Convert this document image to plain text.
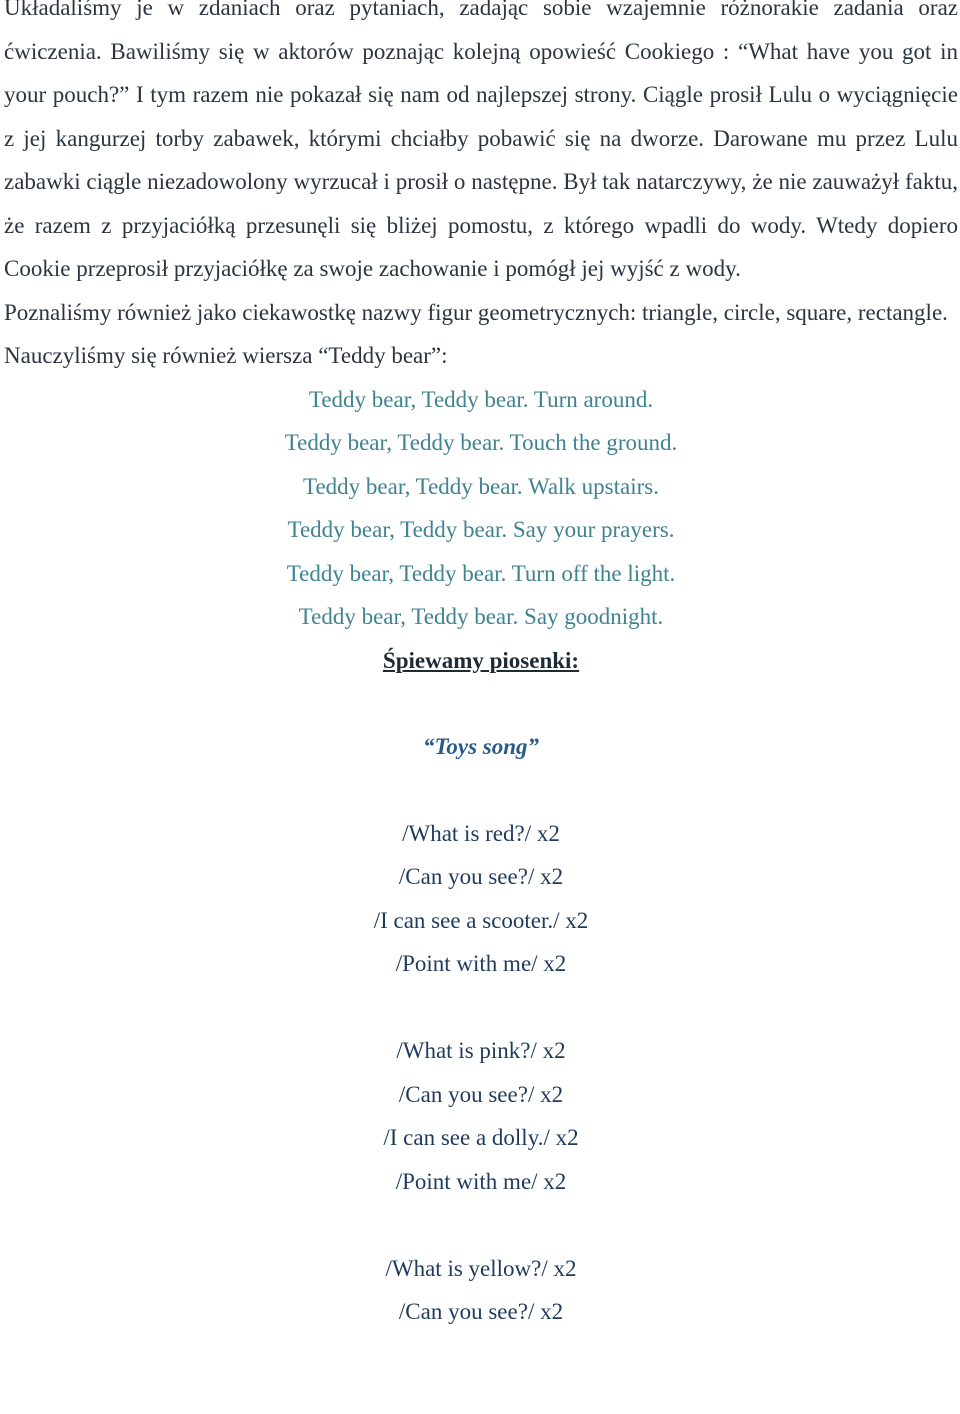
Układaliśmy je w zdaniach oraz pytaniach, zadając sobie wzajemnie różnorakie zadania oraz ćwiczenia. Bawiliśmy się w aktorów poznając kolejną opowieść Cookiego : “What have you got in your pouch?” I tym razem nie pokazał się nam od najlepszej strony. Ciągle prosił Lulu o wyciągnięcie z jej kangurzej torby zabawek, którymi chciałby pobawić się na dworze. Darowane mu przez Lulu zabawki ciągle niezadowolony wyrzucał i prosił o następne. Był tak natarczywy, że nie zauważył faktu, że razem z przyjaciółką przesunęli się bliżej pomostu, z którego wpadli do wody. Wtedy dopiero Cookie przeprosił przyjaciółkę za swoje zachowanie i pomógł jej wyjść z wody.

Poznaliśmy również jako ciekawostkę nazwy figur geometrycznych: triangle, circle, square, rectangle.

Nauczyliśmy się również wiersza “Teddy bear”:

Teddy bear, Teddy bear. Turn around.
Teddy bear, Teddy bear. Touch the ground.
Teddy bear, Teddy bear. Walk upstairs.
Teddy bear, Teddy bear. Say your prayers.
Teddy bear, Teddy bear. Turn off the light.
Teddy bear, Teddy bear. Say goodnight.
Śpiewamy piosenki:
“Toys song”
/What is red?/ x2
/Can you see?/ x2
/I can see a scooter./ x2
/Point with me/ x2
/What is pink?/ x2
/Can you see?/ x2
/I can see a dolly./ x2
/Point with me/ x2
/What is yellow?/ x2
/Can you see?/ x2
